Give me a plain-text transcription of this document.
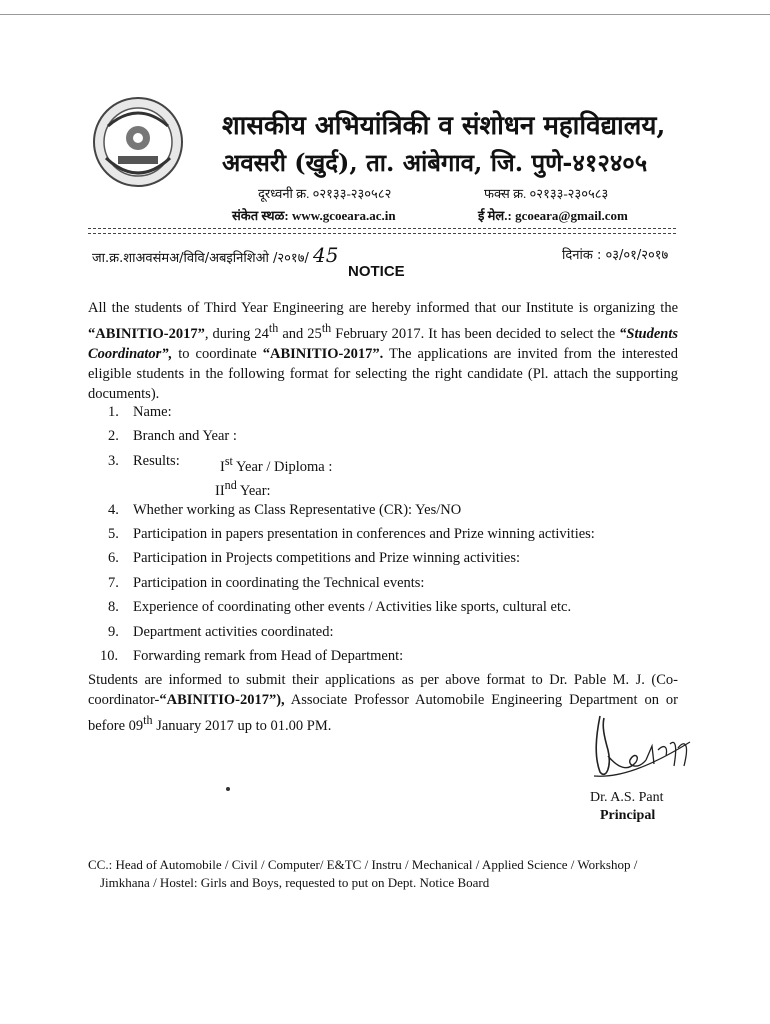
शासकीय अभियांत्रिकी व संशोधन महाविद्यालय,
अवसरी (खुर्द), ता. आंबेगाव, जि. पुणे-४१२४०५
दूरध्वनी क्र. ०२१३३-२३०५८२	फक्स क्र. ०२१३३-२३०५८३
संकेत स्थळ: www.gcoeara.ac.in	ई मेल.: gcoeara@gmail.com
जा.क्र.शाअवसंमअ/विवि/अबइनिशिओ /२०१७/ 45	दिनांक : ०३/०१/२०१७
NOTICE
All the students of Third Year Engineering are hereby informed that our Institute is organizing the “ABINITIO-2017”, during 24th and 25th February 2017. It has been decided to select the “Students Coordinator”, to coordinate “ABINITIO-2017”. The applications are invited from the interested eligible students in the following format for selecting the right candidate (Pl. attach the supporting documents).
1. Name:
2. Branch and Year :
3. Results:	Ist Year / Diploma :
IInd Year:
4. Whether working as Class Representative (CR): Yes/NO
5. Participation in papers presentation in conferences and Prize winning activities:
6. Participation in Projects competitions and Prize winning activities:
7. Participation in coordinating the Technical events:
8. Experience of coordinating other events / Activities like sports, cultural etc.
9. Department activities coordinated:
10. Forwarding remark from Head of Department:
Students are informed to submit their applications as per above format to Dr. Pable M. J. (Co-coordinator-“ABINITIO-2017”), Associate Professor Automobile Engineering Department on or before 09th January 2017 up to 01.00 PM.
Dr. A.S. Pant
Principal
CC.: Head of Automobile / Civil / Computer/ E&TC / Instru / Mechanical / Applied Science / Workshop /
Jimkhana / Hostel: Girls and Boys, requested to put on Dept. Notice Board
